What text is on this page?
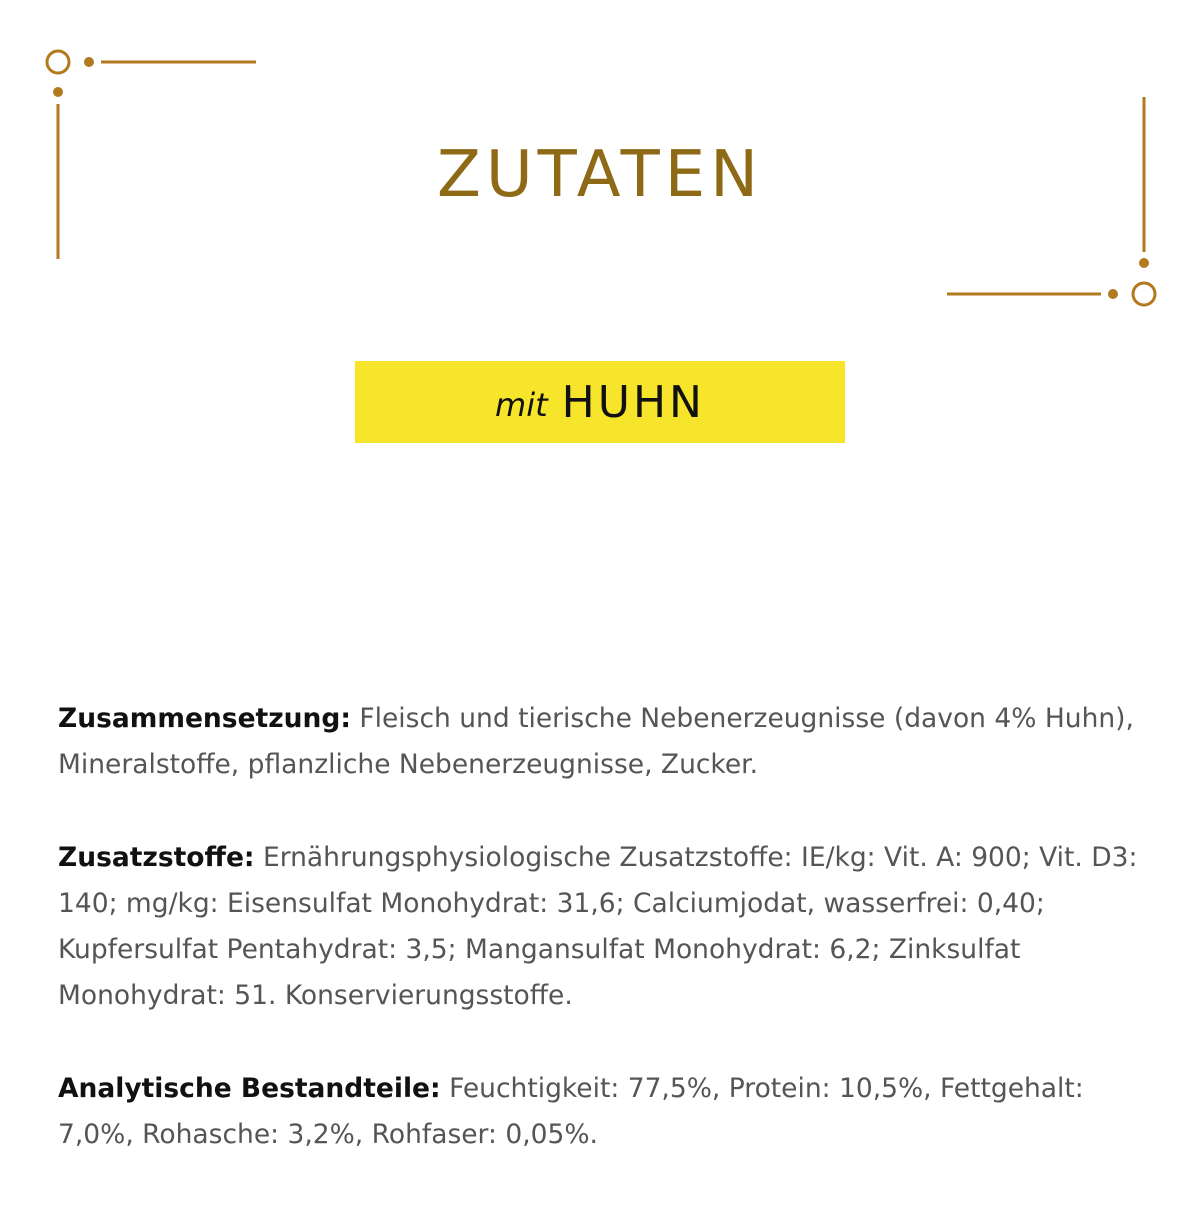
ZUTATEN
mit HUHN

Zusammensetzung: Fleisch und tierische Nebenerzeugnisse (davon 4% Huhn), Mineralstoffe, pflanzliche Nebenerzeugnisse, Zucker.

Zusatzstoffe: Ernährungsphysiologische Zusatzstoffe: IE/kg: Vit. A: 900; Vit. D3: 140; mg/kg: Eisensulfat Monohydrat: 31,6; Calciumjodat, wasserfrei: 0,40; Kupfersulfat Pentahydrat: 3,5; Mangansulfat Monohydrat: 6,2; Zinksulfat Monohydrat: 51. Konservierungsstoffe.

Analytische Bestandteile: Feuchtigkeit: 77,5%, Protein: 10,5%, Fettgehalt: 7,0%, Rohasche: 3,2%, Rohfaser: 0,05%.
